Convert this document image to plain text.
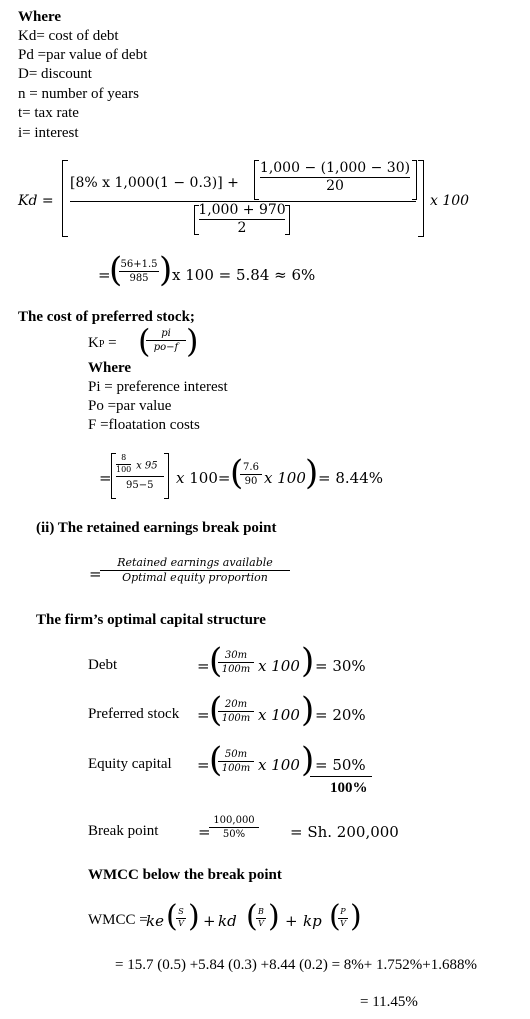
Where
Kd= cost of debt
Pd =par value of debt
D= discount
n = number of years
t= tax rate
i= interest
Kd =
[8% x 1,000(1 − 0.3)] +
1,000 − (1,000 − 30)
20
1,000 + 970
2
x 100
=
(
56+1.5
985 ) x 100 = 5.84 ≈ 6%
The cost of preferred stock;
KP = ( pi
po−f )
Where
Pi = preference interest
Po =par value
F =floatation costs
=
$\frac{8}{100}$ x 95
95−5 x 100= ( 7.6
90 x 100 ) = 8.44%
(ii) The retained earnings break point
=
Retained earnings available
Optimal equity proportion
The firm’s optimal capital structure
Debt	= ( 30m
100m x 100 ) = 30%
Preferred stock = ( 20m
100m x 100 ) = 20%
Equity capital = ( 50m
100m x 100 ) = 50%
100%
Break point	=
100,000
50%	= Sh. 200,000
WMCC below the break point
WMCC =
ke ( S
V ) + kd ( B
V ) + kp ( P
V )
= 15.7 (0.5) +5.84 (0.3) +8.44 (0.2) = 8%+ 1.752%+1.688%
= 11.45%
